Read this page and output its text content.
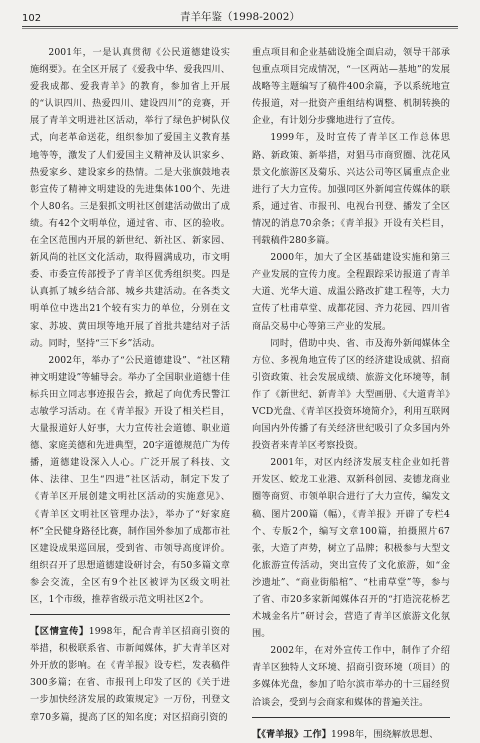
102	青羊年鉴（1998-2002）

2001年，一是认真贯彻《公民道德建设实施纲要》。在全区开展了《爱我中华、爱我四川、爱我成都、爱我青羊》的教育，参加省上开展的“认识四川、热爱四川、建设四川”的竞赛，开展了青羊文明进社区活动，举行了绿色护树队仪式，向老革命送花，组织参加了爱国主义教育基地等等，激发了人们爱国主义精神及认识家乡、热爱家乡、建设家乡的热情。二是大张旗鼓地表彰宣传了精神文明建设的先进集体100个、先进个人80名。三是狠抓文明社区创建活动做出了成绩。有42个文明单位，通过省、市、区的验收。在全区范围内开展的新世纪、新社区、新家园、新风尚的社区文化活动，取得圆满成功，市文明委、市委宣传部授予了青羊区优秀组织奖。四是认真抓了城乡结合部、城乡共建活动。在各类文明单位中选出21个较有实力的单位，分别在文家、苏坡、黄田坝等地开展了首批共建结对子活动。同时，坚持“三下乡”活动。

2002年，举办了“公民道德建设”、“社区精神文明建设”等辅导会。举办了全国职业道德十佳标兵田立同志事迹报告会，掀起了向优秀民警江志敏学习活动。在《青羊报》开设了相关栏目，大量报道好人好事，大力宣传社会道德、职业道德、家庭美德和先进典型，20字道德规范广为传播，道德建设深入人心。广泛开展了科技、文体、法律、卫生“四进”社区活动，制定下发了《青羊区开展创建文明社区活动的实施意见》、《青羊区文明社区管理办法》，举办了“好家庭杯”全民健身路径比赛，制作国外参加了成都市社区建设成果巡回展，受到省、市领导高度评价。组织召开了思想道德建设研讨会，有50多篇文章参会交流，全区有9个社区被评为区级文明社区，1个市级，推荐省级示范文明社区2个。

【区情宣传】1998年，配合青羊区招商引资的举措，积极联系省、市新闻媒体，扩大青羊区对外开放的影响。在《青羊报》设专栏，发表稿件300多篇；在省、市报刊上印发了区的《关于进一步加快经济发展的政策规定》一万份，刊登文章70多篇，提高了区的知名度；对区招商引资的

重点项目和企业基础设施全面启动，领导干部承包重点项目完成情况，“一区两站—基地”的发展战略等主题编写了稿件400余篇，予以系统地宣传报道，对一批资产重组结构调整、机制转换的企业，有计划分步骤地进行了宣传。

1999年，及时宣传了青羊区工作总体思路、新政策、新举措，对猖马市商贸圈、沈花风景文化旅游区及菊乐、兴达公司等区属重点企业进行了大力宣传。加强同区外新闻宣传媒体的联系，通过省、市报刊、电视台刊登、播发了全区情况的消息70余条；《青羊报》开设有关栏目，刊载稿件280多篇。

2000年，加大了全区基础建设实施和第三产业发展的宣传力度。全程跟踪采访报道了青羊大道、光华大道、成温公路改扩建工程等，大力宣传了杜甫草堂、成都花园、齐力花园、四川省商品交易中心等第三产业的发展。

同时，借助中央、省、市及海外新闻媒体全方位、多视角地宣传了区的经济建设成就、招商引资政策、社会发展成绩、旅游文化环境等，制作了《新世纪、新青羊》大型画册、《大道青羊》VCD光盘、《青羊区投资环境简介》，利用互联网向国内外传播了有关经济世纪吸引了众多国内外投资者来青羊区考察投资。

2001年，对区内经济发展支柱企业如托普开发区、蛟龙工业港、双新科创园、麦德龙商业圈等商贸、市领单职合进行了大力宣传，编发文稿、图片200篇（幅），《青羊报》开辟了专栏4个、专版2个，编写文章100篇，拍摄照片67张，大造了声势，树立了品牌；积极参与大型文化旅游宣传活动，突出宣传了文化旅游，如“金沙遗址”、“商业街船棺”、“杜甫草堂”等，参与了省、市20多家新闻媒体召开的“打造浣花桥艺术城金名片”研讨会，营造了青羊区旅游文化氛围。

2002年，在对外宣传工作中，制作了介绍青羊区独特人文环境、招商引资环境（项目）的多媒体光盘，参加了哈尔滨市举办的十三届经贸洽谈会，受到与会商家和媒体的普遍关注。

【《青羊报》工作】1998年，围绕解放思想、
